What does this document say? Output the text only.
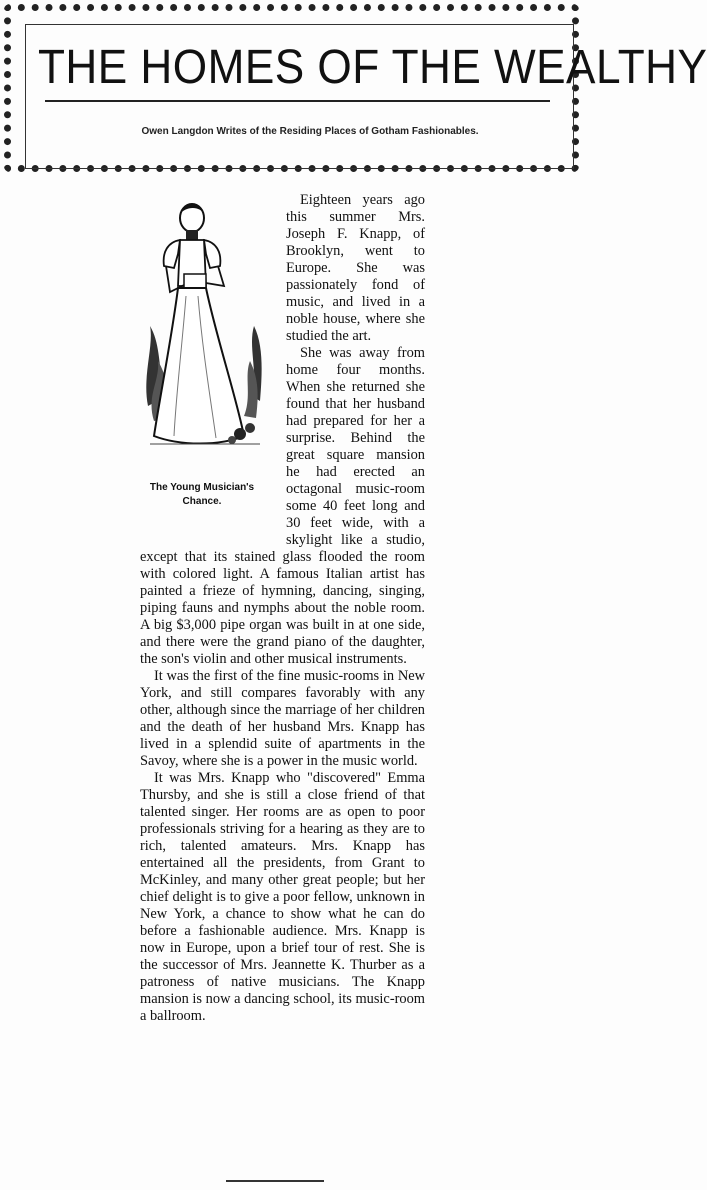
THE HOMES OF THE WEALTHY
Owen Langdon Writes of the Residing Places of Gotham Fashionables.
The Young Musician's
Chance.

Eighteen years ago this summer Mrs. Joseph F. Knapp, of Brooklyn, went to Europe. She was passionately fond of music, and lived in a noble house, where she studied the art.

She was away from home four months. When she returned she found that her husband had prepared for her a surprise. Behind the great square mansion he had erected an octagonal music-room some 40 feet long and 30 feet wide, with a skylight like a studio, except that its stained glass flooded the room with colored light. A famous Italian artist has painted a frieze of hymning, dancing, singing, piping fauns and nymphs about the noble room. A big $3,000 pipe organ was built in at one side, and there were the grand piano of the daughter, the son's violin and other musical instruments.

It was the first of the fine music-rooms in New York, and still compares favorably with any other, although since the marriage of her children and the death of her husband Mrs. Knapp has lived in a splendid suite of apartments in the Savoy, where she is a power in the music world.

It was Mrs. Knapp who "discovered" Emma Thursby, and she is still a close friend of that talented singer. Her rooms are as open to poor professionals striving for a hearing as they are to rich, talented amateurs. Mrs. Knapp has entertained all the presidents, from Grant to McKinley, and many other great people; but her chief delight is to give a poor fellow, unknown in New York, a chance to show what he can do before a fashionable audience. Mrs. Knapp is now in Europe, upon a brief tour of rest. She is the successor of Mrs. Jeannette K. Thurber as a patroness of native musicians. The Knapp mansion is now a dancing school, its music-room a ballroom.
